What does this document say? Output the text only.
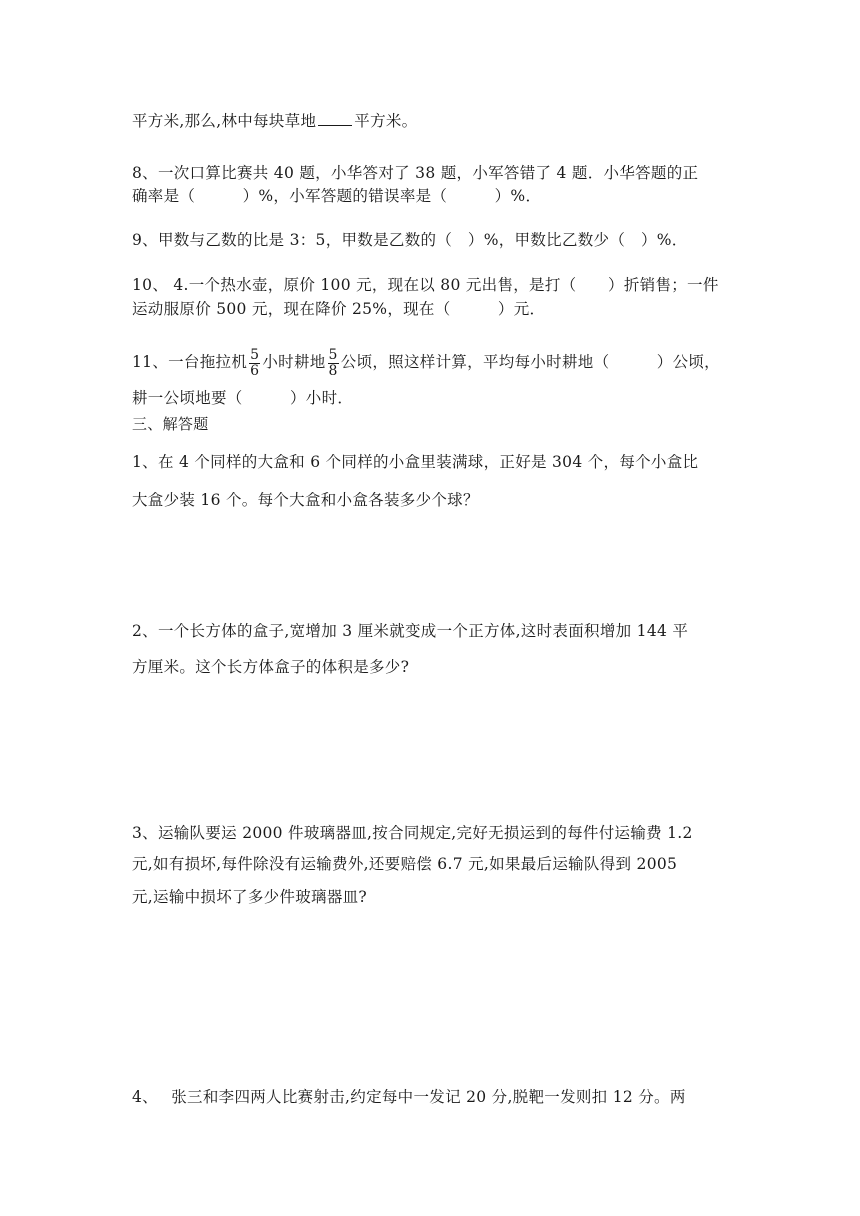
平方米,那么,林中每块草地 平方米。
8、一次口算比赛共 40 题，小华答对了 38 题，小军答错了 4 题．小华答题的正
确率是（　　　）%，小军答题的错误率是（　　　）%．
9、甲数与乙数的比是 3：5，甲数是乙数的（　）%，甲数比乙数少（　）%．
10、 4.一个热水壶，原价 100 元，现在以 80 元出售，是打（　　）折销售；一件
运动服原价 500 元，现在降价 25%，现在（　　　）元．
11、一台拖拉机 $\frac{5}{6}$ 小时耕地 $\frac{5}{8}$ 公顷，照这样计算，平均每小时耕地（　　　）公顷，
耕一公顷地要（　　　）小时．
三、解答题
1、在 4 个同样的大盒和 6 个同样的小盒里装满球，正好是 304 个，每个小盒比
大盒少装 16 个。每个大盒和小盒各装多少个球？
2、一个长方体的盒子,宽增加 3 厘米就变成一个正方体,这时表面积增加 144 平
方厘米。这个长方体盒子的体积是多少?
3、运输队要运 2000 件玻璃器皿,按合同规定,完好无损运到的每件付运输费 1.2
元,如有损坏,每件除没有运输费外,还要赔偿 6.7 元,如果最后运输队得到 2005
元,运输中损坏了多少件玻璃器皿?
4、　 张三和李四两人比赛射击,约定每中一发记 20 分,脱靶一发则扣 12 分。两
